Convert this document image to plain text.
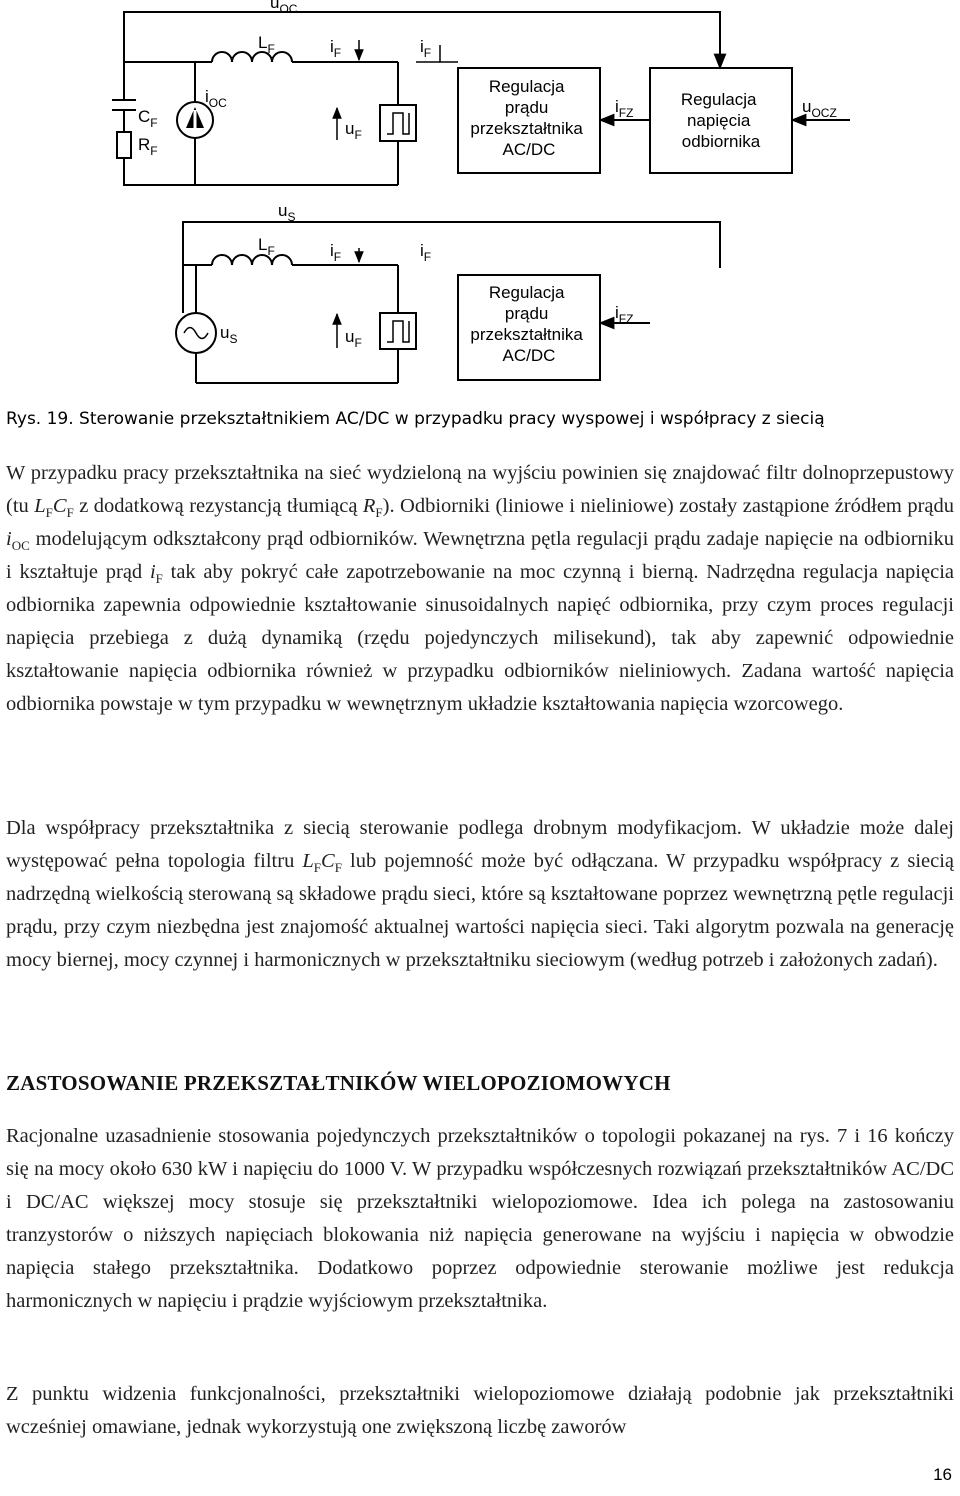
$u_{OC}$
$L_F$	$i_F$	$i_F$
$C_F$
$R_F$
$i_{OC}$
$u_F$
$i_{FZ}$	$u_{OCZ}$
Regulacja prądu przekształtnika AC/DC
Regulacja napięcia odbiornika
$u_S$
$L_F$	$i_F$	$i_F$
$u_S$	$u_F$
$i_{FZ}$
Regulacja prądu przekształtnika AC/DC
Rys. 19. Sterowanie przekształtnikiem AC/DC w przypadku pracy wyspowej i współpracy z siecią

W przypadku pracy przekształtnika na sieć wydzieloną na wyjściu powinien się znajdować filtr dolnoprzepustowy (tu $L_FC_F$ z dodatkową rezystancją tłumiącą $R_F$). Odbiorniki (liniowe i nieliniowe) zostały zastąpione źródłem prądu $i_{OC}$ modelującym odkształcony prąd odbiorników. Wewnętrzna pętla regulacji prądu zadaje napięcie na odbiorniku i kształtuje prąd $i_F$ tak aby pokryć całe zapotrzebowanie na moc czynną i bierną. Nadrzędna regulacja napięcia odbiornika zapewnia odpowiednie kształtowanie sinusoidalnych napięć odbiornika, przy czym proces regulacji napięcia przebiega z dużą dynamiką (rzędu pojedynczych milisekund), tak aby zapewnić odpowiednie kształtowanie napięcia odbiornika również w przypadku odbiorników nieliniowych. Zadana wartość napięcia odbiornika powstaje w tym przypadku w wewnętrznym układzie kształtowania napięcia wzorcowego.

Dla współpracy przekształtnika z siecią sterowanie podlega drobnym modyfikacjom. W układzie może dalej występować pełna topologia filtru $L_FC_F$ lub pojemność może być odłączana. W przypadku współpracy z siecią nadrzędną wielkością sterowaną są składowe prądu sieci, które są kształtowane poprzez wewnętrzną pętle regulacji prądu, przy czym niezbędna jest znajomość aktualnej wartości napięcia sieci. Taki algorytm pozwala na generację mocy biernej, mocy czynnej i harmonicznych w przekształtniku sieciowym (według potrzeb i założonych zadań).

ZASTOSOWANIE PRZEKSZTAŁTNIKÓW WIELOPOZIOMOWYCH

Racjonalne uzasadnienie stosowania pojedynczych przekształtników o topologii pokazanej na rys. 7 i 16 kończy się na mocy około 630 kW i napięciu do 1000 V. W przypadku współczesnych rozwiązań przekształtników AC/DC i DC/AC większej mocy stosuje się przekształtniki wielopoziomowe. Idea ich polega na zastosowaniu tranzystorów o niższych napięciach blokowania niż napięcia generowane na wyjściu i napięcia w obwodzie napięcia stałego przekształtnika. Dodatkowo poprzez odpowiednie sterowanie możliwe jest redukcja harmonicznych w napięciu i prądzie wyjściowym przekształtnika.

Z punktu widzenia funkcjonalności, przekształtniki wielopoziomowe działają podobnie jak przekształtniki wcześniej omawiane, jednak wykorzystują one zwiększoną liczbę zaworów

16
